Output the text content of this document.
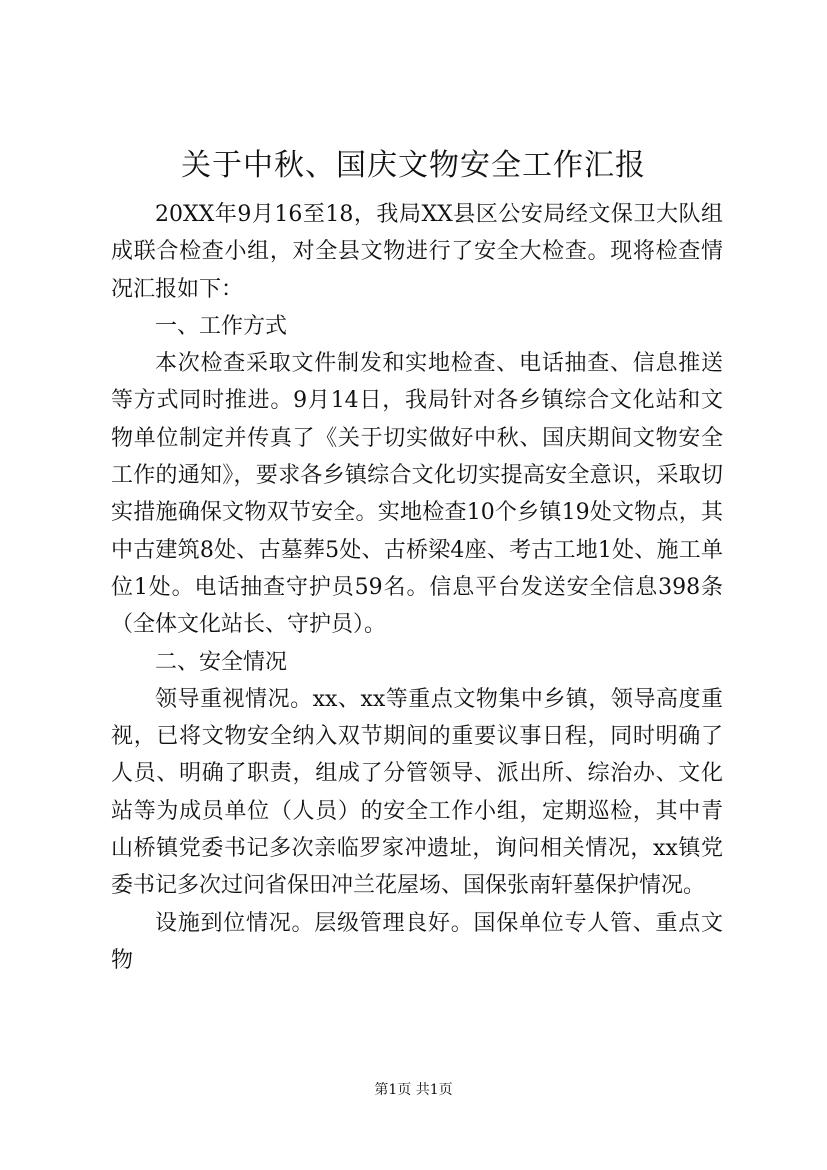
关于中秋、国庆文物安全工作汇报

20XX年9月16至18，我局XX县区公安局经文保卫大队组成联合检查小组，对全县文物进行了安全大检查。现将检查情况汇报如下：

一、工作方式

本次检查采取文件制发和实地检查、电话抽查、信息推送等方式同时推进。9月14日，我局针对各乡镇综合文化站和文物单位制定并传真了《关于切实做好中秋、国庆期间文物安全工作的通知》，要求各乡镇综合文化切实提高安全意识，采取切实措施确保文物双节安全。实地检查10个乡镇19处文物点，其中古建筑8处、古墓葬5处、古桥梁4座、考古工地1处、施工单位1处。电话抽查守护员59名。信息平台发送安全信息398条（全体文化站长、守护员）。

二、安全情况

领导重视情况。xx、xx等重点文物集中乡镇，领导高度重视，已将文物安全纳入双节期间的重要议事日程，同时明确了人员、明确了职责，组成了分管领导、派出所、综治办、文化站等为成员单位（人员）的安全工作小组，定期巡检，其中青山桥镇党委书记多次亲临罗家冲遗址，询问相关情况，xx镇党委书记多次过问省保田冲兰花屋场、国保张南轩墓保护情况。

设施到位情况。层级管理良好。国保单位专人管、重点文物

第1页 共1页
